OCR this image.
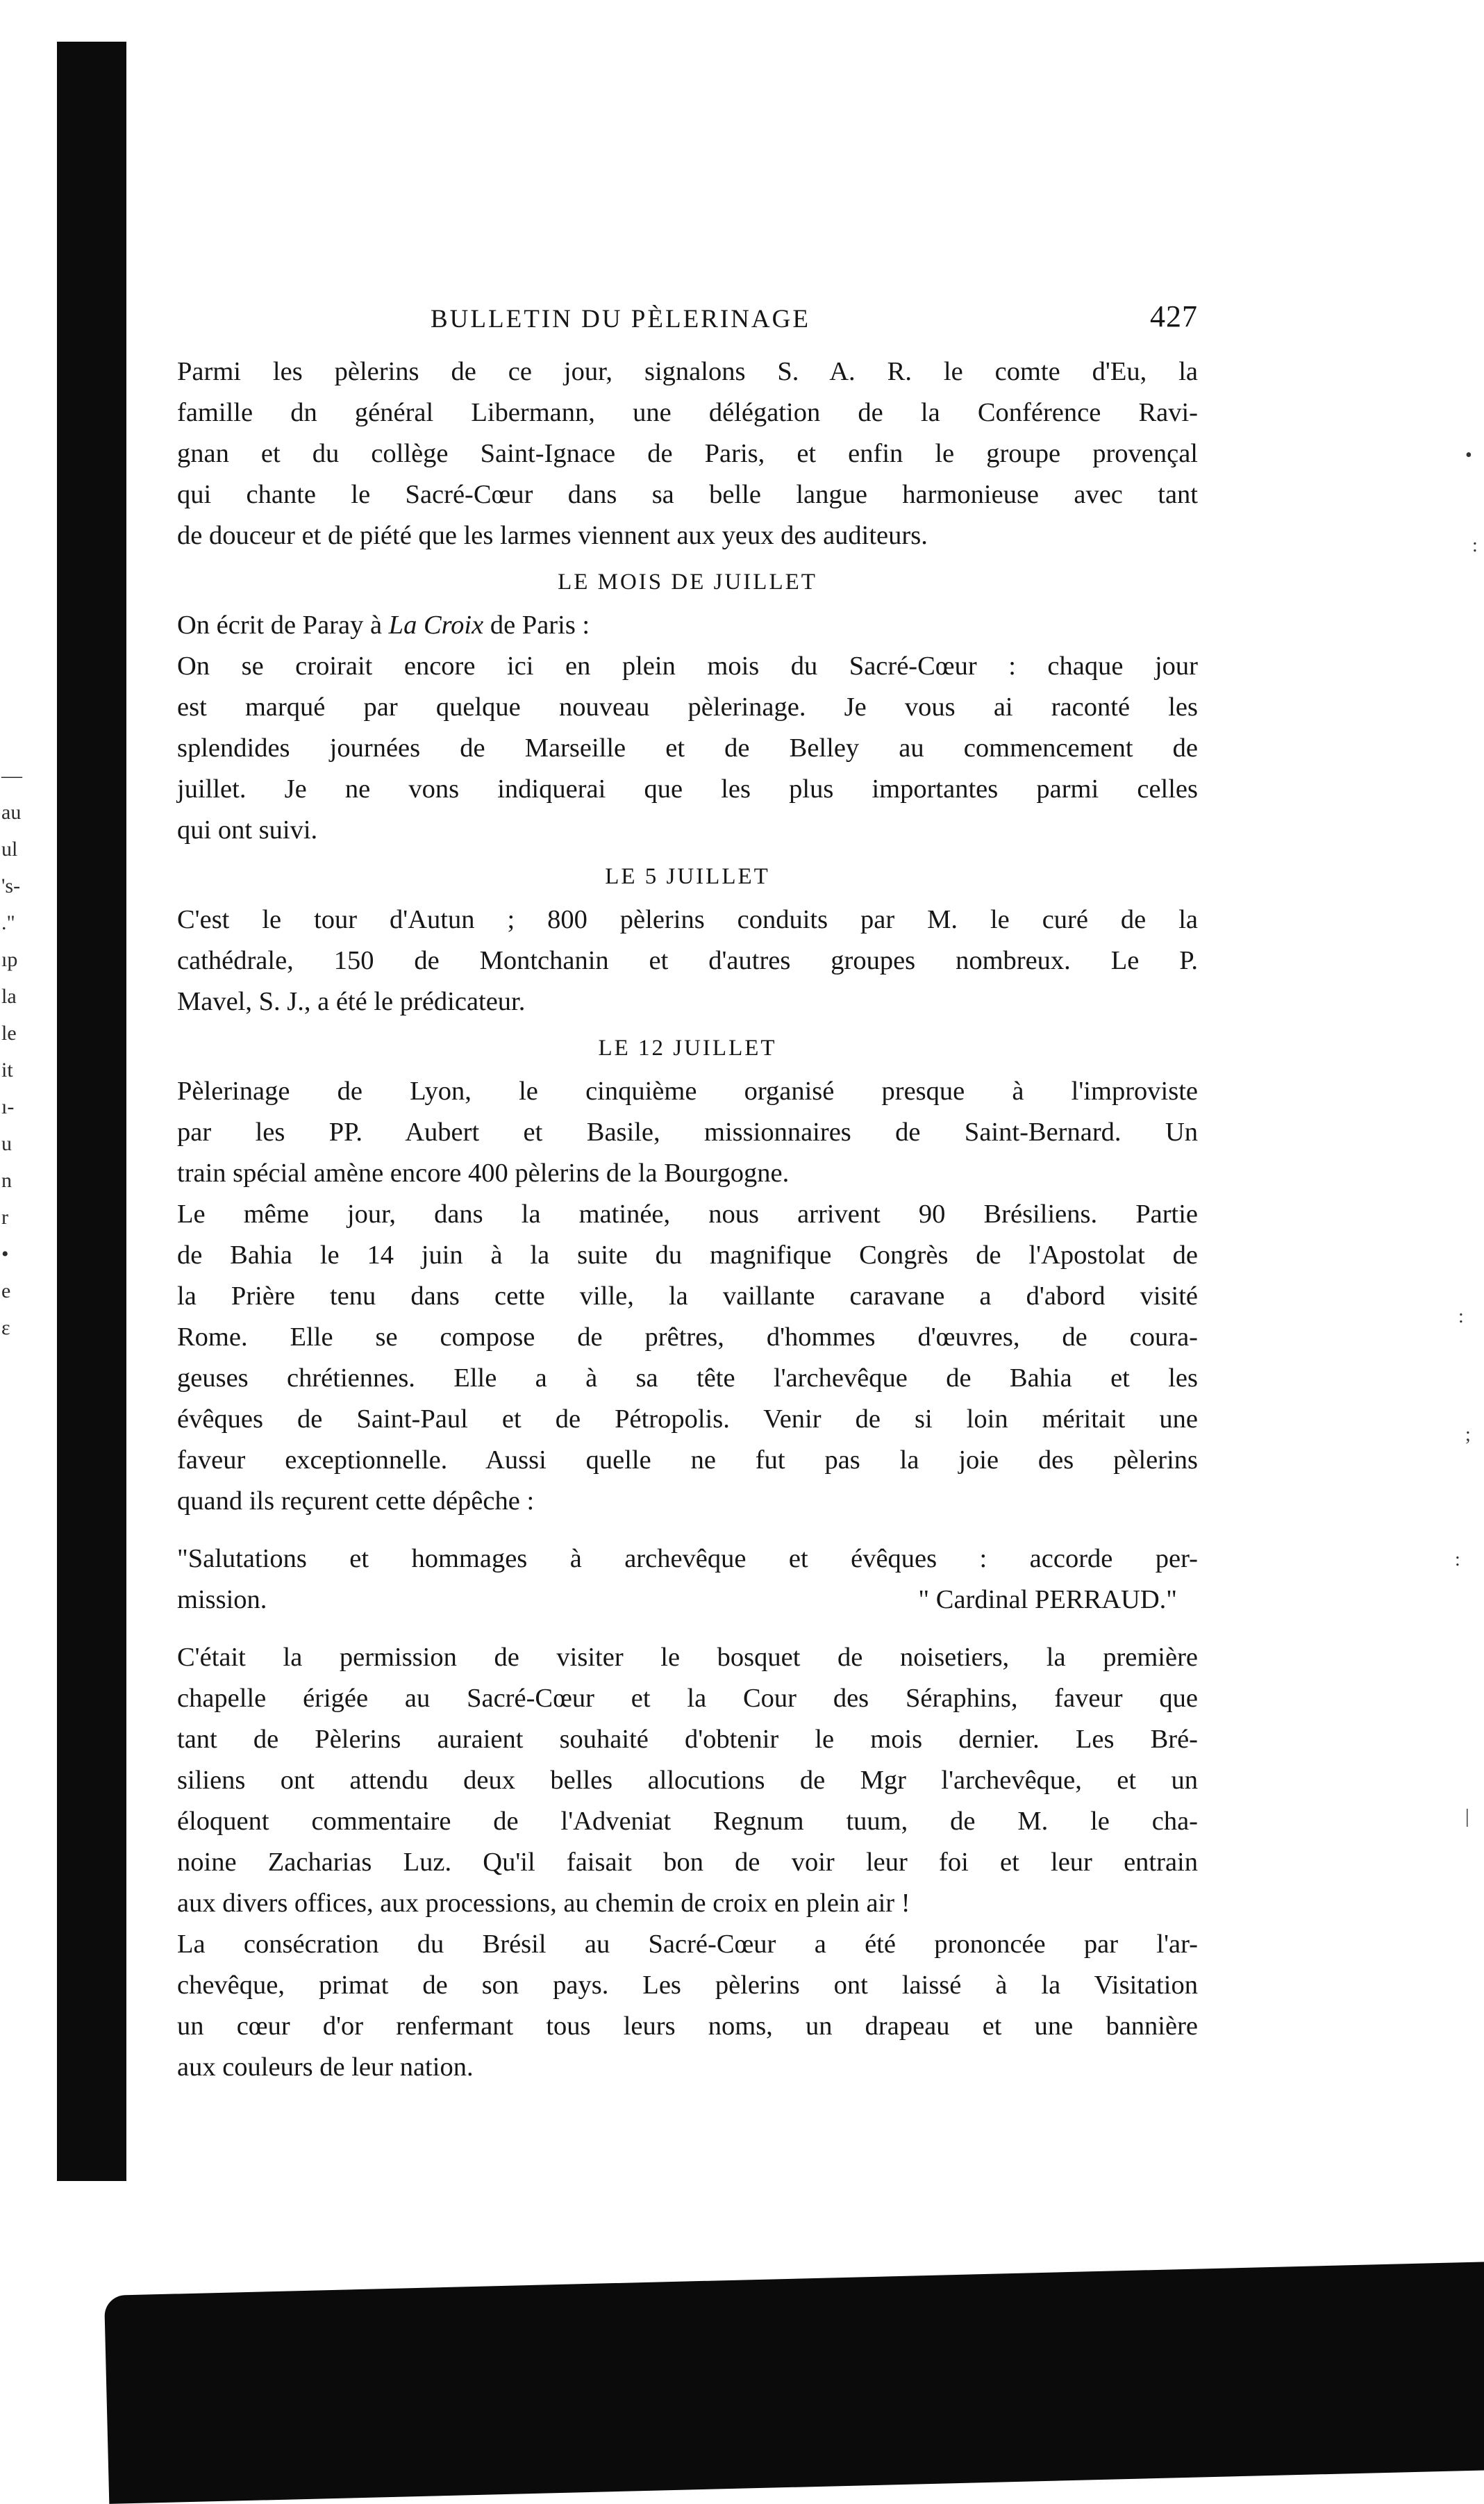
—
au
ul
's-
."
ıp
la
le
it
ı-
u
n
r
•
e
ε
•
:
:
;
:
|
BULLETIN DU PÈLERINAGE	427

Parmi les pèlerins de ce jour, signalons S. A. R. le comte d'Eu, la
famille dn général Libermann, une délégation de la Conférence Ravi-
gnan et du collège Saint-Ignace de Paris, et enfin le groupe provençal
qui chante le Sacré-Cœur dans sa belle langue harmonieuse avec tant
de douceur et de piété que les larmes viennent aux yeux des auditeurs.

LE MOIS DE JUILLET

On écrit de Paray à La Croix de Paris :

On se croirait encore ici en plein mois du Sacré-Cœur : chaque jour
est marqué par quelque nouveau pèlerinage. Je vous ai raconté les
splendides journées de Marseille et de Belley au commencement de
juillet. Je ne vons indiquerai que les plus importantes parmi celles
qui ont suivi.

LE 5 JUILLET

C'est le tour d'Autun ; 800 pèlerins conduits par M. le curé de la
cathédrale, 150 de Montchanin et d'autres groupes nombreux. Le P.
Mavel, S. J., a été le prédicateur.

LE 12 JUILLET

Pèlerinage de Lyon, le cinquième organisé presque à l'improviste
par les PP. Aubert et Basile, missionnaires de Saint-Bernard. Un
train spécial amène encore 400 pèlerins de la Bourgogne.

Le même jour, dans la matinée, nous arrivent 90 Brésiliens. Partie
de Bahia le 14 juin à la suite du magnifique Congrès de l'Apostolat de
la Prière tenu dans cette ville, la vaillante caravane a d'abord visité
Rome. Elle se compose de prêtres, d'hommes d'œuvres, de coura-
geuses chrétiennes. Elle a à sa tête l'archevêque de Bahia et les
évêques de Saint-Paul et de Pétropolis. Venir de si loin méritait une
faveur exceptionnelle. Aussi quelle ne fut pas la joie des pèlerins
quand ils reçurent cette dépêche :

"Salutations et hommages à archevêque et évêques : accorde per-
mission.	" Cardinal PERRAUD."

C'était la permission de visiter le bosquet de noisetiers, la première
chapelle érigée au Sacré-Cœur et la Cour des Séraphins, faveur que
tant de Pèlerins auraient souhaité d'obtenir le mois dernier. Les Bré-
siliens ont attendu deux belles allocutions de Mgr l'archevêque, et un
éloquent commentaire de l'Adveniat Regnum tuum, de M. le cha-
noine Zacharias Luz. Qu'il faisait bon de voir leur foi et leur entrain
aux divers offices, aux processions, au chemin de croix en plein air !

La consécration du Brésil au Sacré-Cœur a été prononcée par l'ar-
chevêque, primat de son pays. Les pèlerins ont laissé à la Visitation
un cœur d'or renfermant tous leurs noms, un drapeau et une bannière
aux couleurs de leur nation.
